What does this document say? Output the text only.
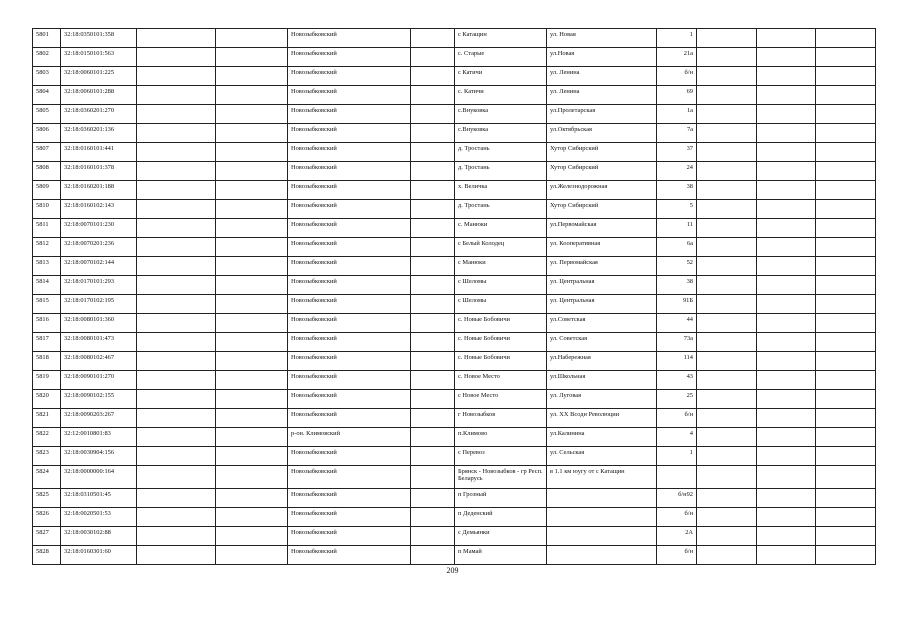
5801	32:18:0350101:358			Новозыбковский		с Катащин	ул. Новая	1			
5802	32:18:0150101:563			Новозыбковский		с. Старые	ул.Новая	21а			
5803	32:18:0060101:225			Новозыбковский		с Катичи	ул. Ленина	б/н			
5804	32:18:0060101:288			Новозыбковский		с. Катичи	ул. Ленина	69			
5805	32:18:0360201:270			Новозыбковский		с.Внуковка	ул.Пролетарская	1а			
5806	32:18:0360201:136			Новозыбковский		с.Внуковка	ул.Октябрьская	7а			
5807	32:18:0160101:441			Новозыбковский		д. Тростань	Хутор Сибирский	37			
5808	32:18:0160101:378			Новозыбковский		д. Тростань	Хутор Сибирский	24			
5809	32:18:0160201:188			Новозыбковский		х. Величка	ул.Железнодорожная	38			
5810	32:18:0160102:143			Новозыбковский		д. Тростань	Хутор Сибирский	5			
5811	32:18:0070101:230			Новозыбковский		с. Манюки	ул.Первомайская	11			
5812	32:18:0070201:236			Новозыбковский		с Белый Колодец	ул. Кооперативная	6а			
5813	32:18:0070102:144			Новозыбковский		с Манюки	ул. Первомайская	52			
5814	32:18:0170101:293			Новозыбковский		с Шеломы	ул. Центральная	38			
5815	32:18:0170102:195			Новозыбковский		с Шеломы	ул. Центральная	91Б			
5816	32:18:0080101:360			Новозыбковский		с. Новые Бобовичи	ул.Советская	44			
5817	32:18:0080101:473			Новозыбковский		с. Новые Бобовичи	ул. Советская	73а			
5818	32:18:0080102:467			Новозыбковский		с. Новые Бобовичи	ул.Набережная	114			
5819	32:18:0090101:270			Новозыбковский		с. Новое Место	ул.Школьная	43			
5820	32:18:0090102:155			Новозыбковский		с Новое Место	ул. Луговая	25			
5821	32:18:0090203:267			Новозыбковский		г Новозыбков	ул. ХХ Всодн Революции	б/н			
5822	32:12:0010801:83			р-он. Климовский		п.Климово	ул.Калинина	4			
5823	32:18:0030904:156			Новозыбковский		с Перевоз	ул. Сельская	1			
5824	32:18:0000000:164			Новозыбковский		Брянск - Новозыбков - гр Респ. Беларусь	в 1.1 км юугу от с Катащин				
5825	32:18:0310501:45			Новозыбковский		п Грозный		б/н92			
5826	32:18:0020501:53			Новозыбковский		п Деденский		б/н			
5827	32:18:0030102:88			Новозыбковский		с Демьянки		2А			
5828	32:18:0160301:60			Новозыбковский		п Мамай		б/н			
209
